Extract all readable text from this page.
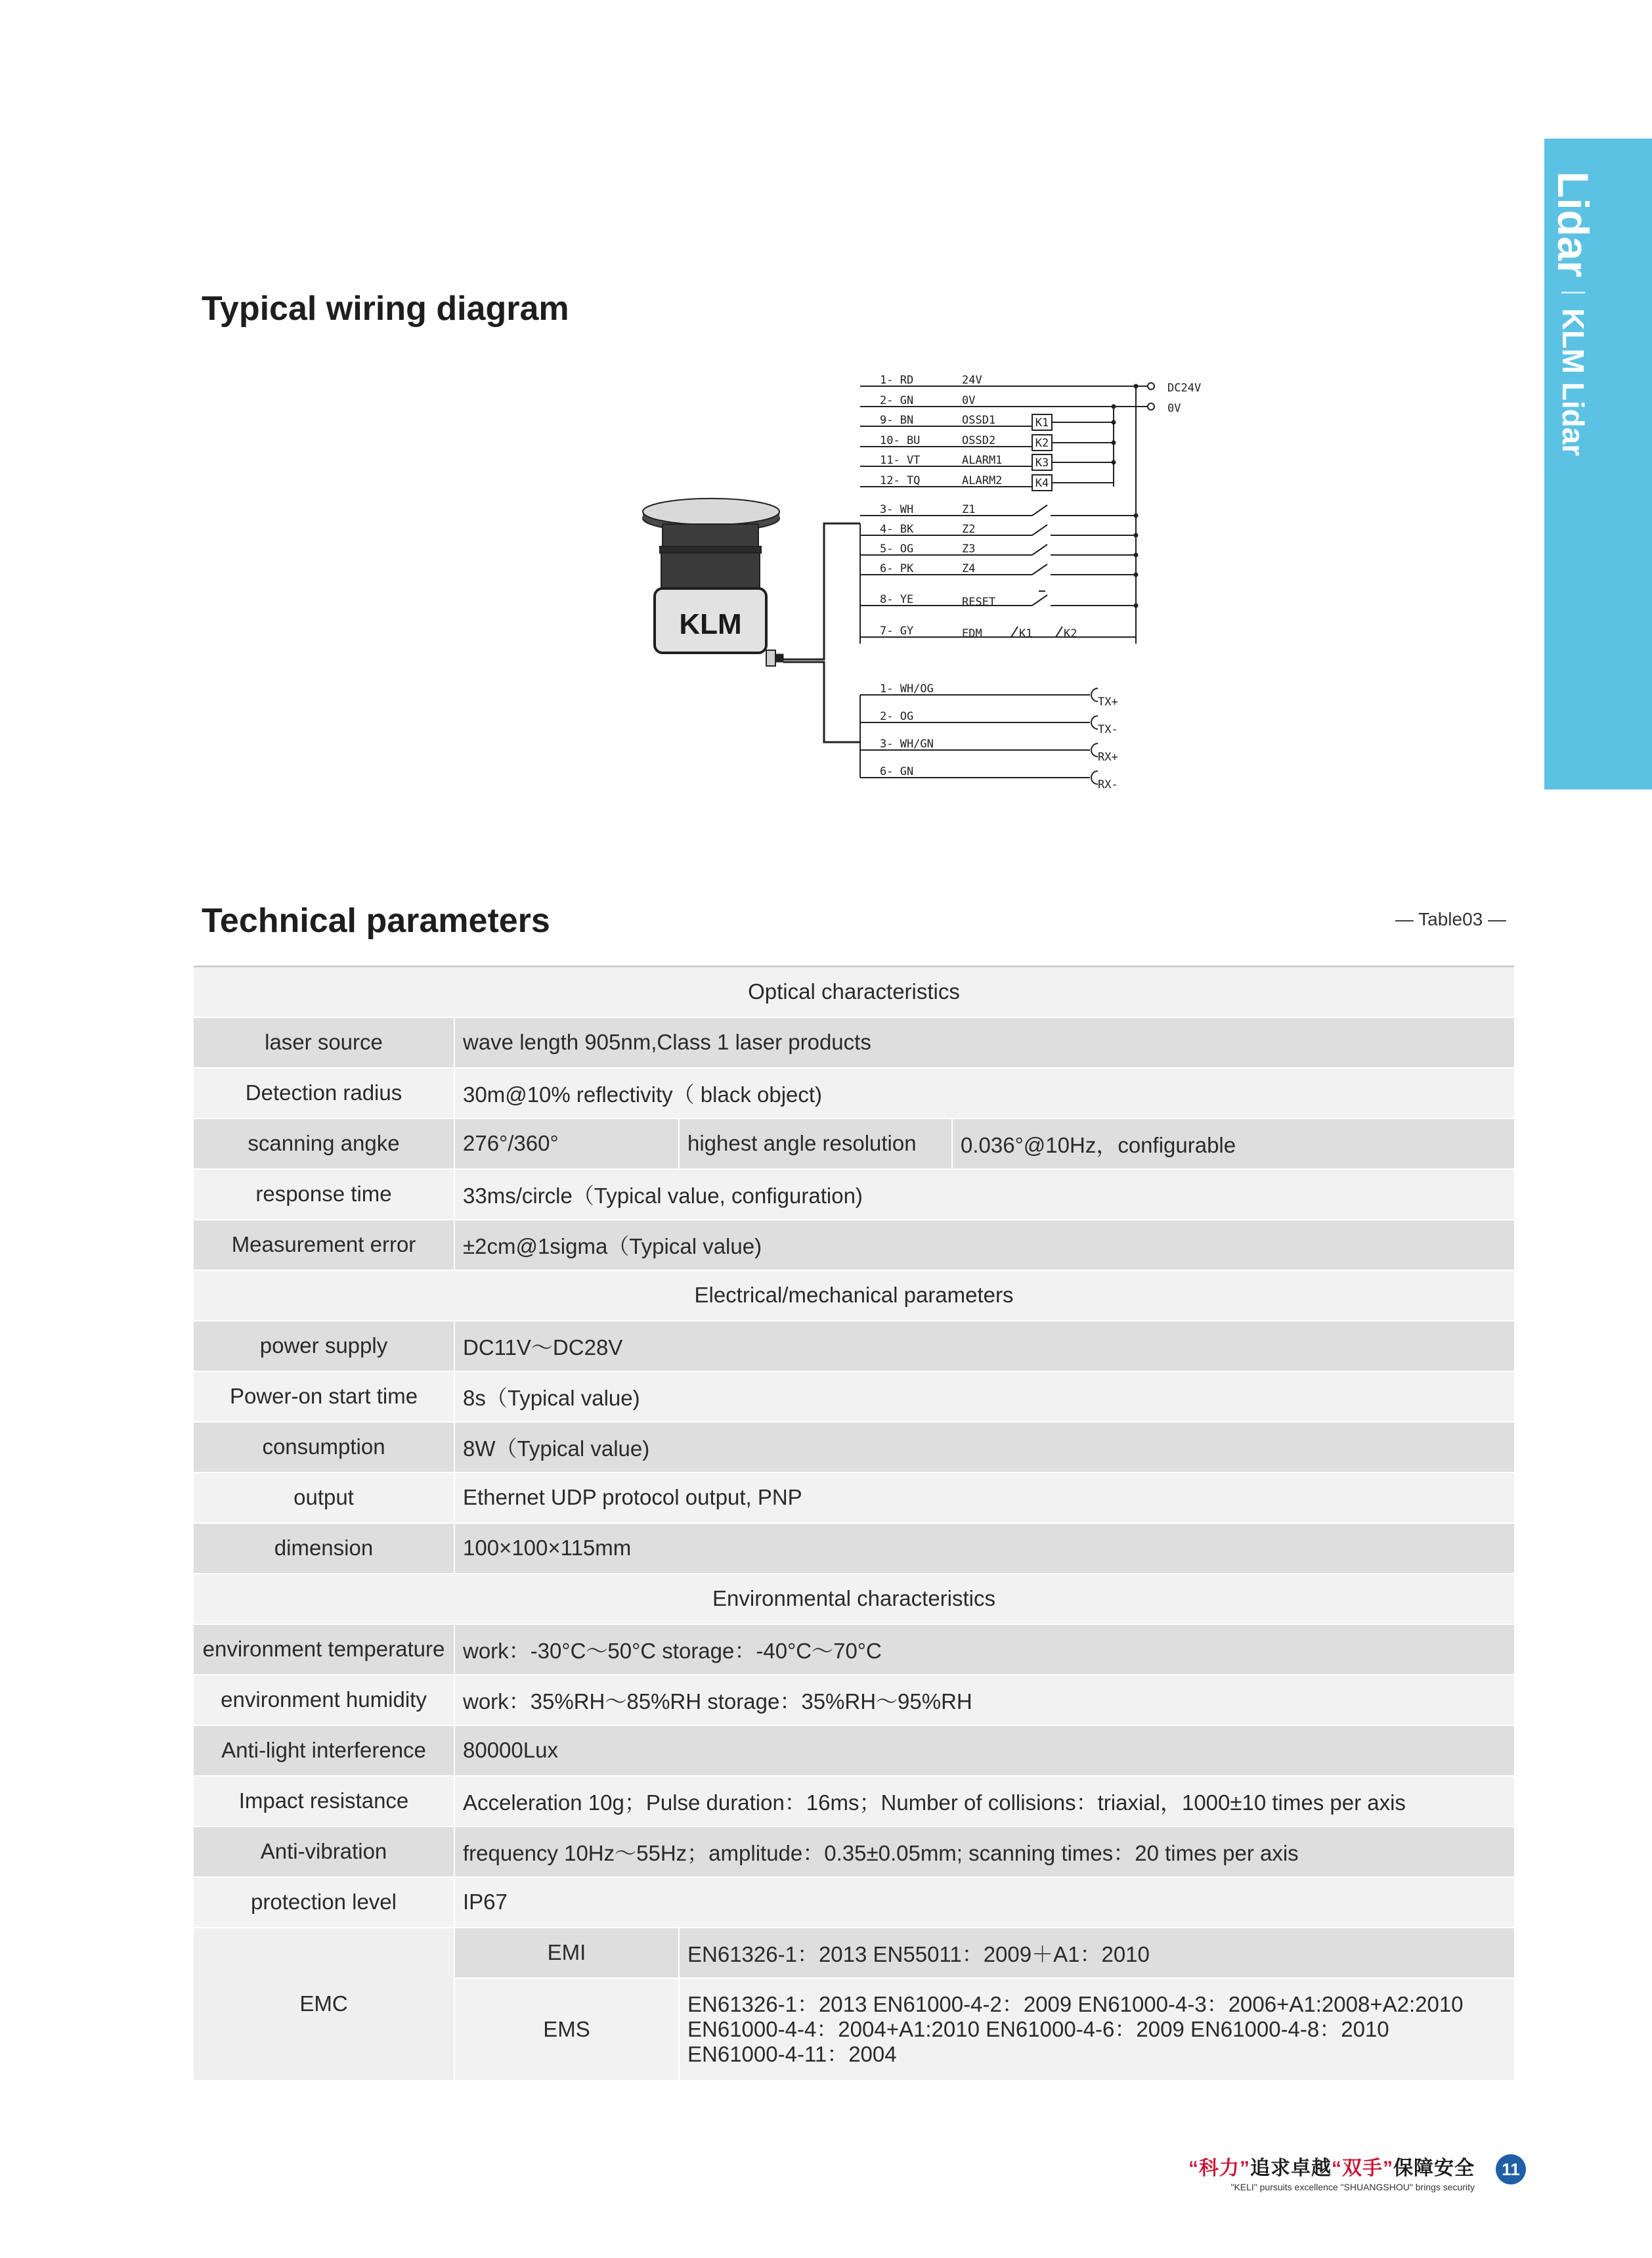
LidarKLM Lidar
Typical wiring diagram
KLM
1- RD	24V
2- GN	0V
9- BN	OSSD1
10- BU	OSSD2
11- VT	ALARM1
12- TQ	ALARM2
DC24V
0V
K1
K2
K3
K4
3- WH	Z1
4- BK	Z2
5- OG	Z3
6- PK	Z4
8- YE	RESET
7- GY	EDM	K1	K2
1- WH/OG
TX+
2- OG
TX-
3- WH/GN
RX+
6- GN
RX-
Technical parameters	— Table03 —
Optical characteristics			
laser source	wave length 905nm,Class 1 laser products		
Detection radius	30m@10% reflectivity（ black object)		
scanning angke	276°/360°	highest angle resolution	0.036°@10Hz，configurable
response time	33ms/circle（Typical value, configuration)		
Measurement error	±2cm@1sigma（Typical value)		
Electrical/mechanical parameters			
power supply	DC11V～DC28V		
Power-on start time	8s（Typical value)		
consumption	8W（Typical value)		
output	Ethernet UDP protocol output, PNP		
dimension	100×100×115mm		
Environmental characteristics			
environment temperature	work：-30°C～50°C storage：-40°C～70°C		
environment humidity	work：35%RH～85%RH storage：35%RH～95%RH		
Anti-light interference	80000Lux		
Impact resistance	Acceleration 10g；Pulse duration：16ms；Number of collisions：triaxial，1000±10 times per axis		
Anti-vibration	frequency 10Hz～55Hz；amplitude：0.35±0.05mm; scanning times：20 times per axis		
protection level	IP67		
EMC	EMI	EN61326-1：2013 EN55011：2009＋A1：2010	
	EMS	EN61326-1：2013 EN61000-4-2：2009 EN61000-4-3：2006+A1:2008+A2:2010
EN61000-4-4：2004+A1:2010 EN61000-4-6：2009 EN61000-4-8：2010
EN61000-4-11：2004	
“科力”追求卓越“双手”保障安全
"KELI" pursuits excellence "SHUANGSHOU" brings security
11
